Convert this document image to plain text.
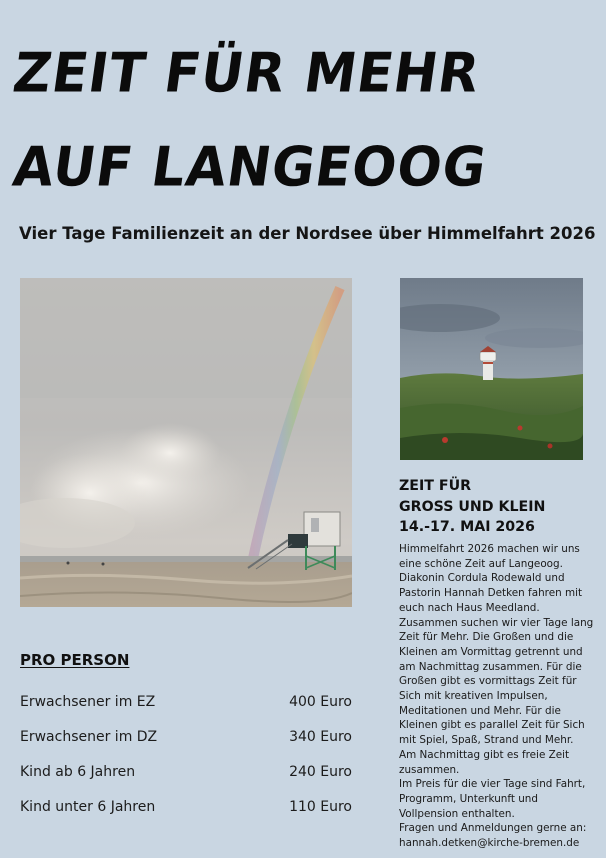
ZEIT FÜR MEHR
AUF LANGEOOG
Vier Tage Familienzeit an der Nordsee über Himmelfahrt 2026
ZEIT FÜR
GROSS UND KLEIN
14.-17. MAI 2026
Himmelfahrt 2026 machen wir uns
eine schöne Zeit auf Langeoog.
Diakonin Cordula Rodewald und
Pastorin Hannah Detken fahren mit
euch nach Haus Meedland.
Zusammen suchen wir vier Tage lang
Zeit für Mehr. Die Großen und die
Kleinen am Vormittag getrennt und
am Nachmittag zusammen. Für die
Großen gibt es vormittags Zeit für
Sich mit kreativen Impulsen,
Meditationen und Mehr. Für die
Kleinen gibt es parallel Zeit für Sich
mit Spiel, Spaß, Strand und Mehr.
Am Nachmittag gibt es freie Zeit
zusammen.
Im Preis für die vier Tage sind Fahrt,
Programm, Unterkunft und
Vollpension enthalten.
Fragen und Anmeldungen gerne an:
hannah.detken@kirche-bremen.de
PRO PERSON
Erwachsener im EZ	400 Euro
Erwachsener im DZ	340 Euro
Kind ab 6 Jahren	240 Euro
Kind unter 6 Jahren	110 Euro
